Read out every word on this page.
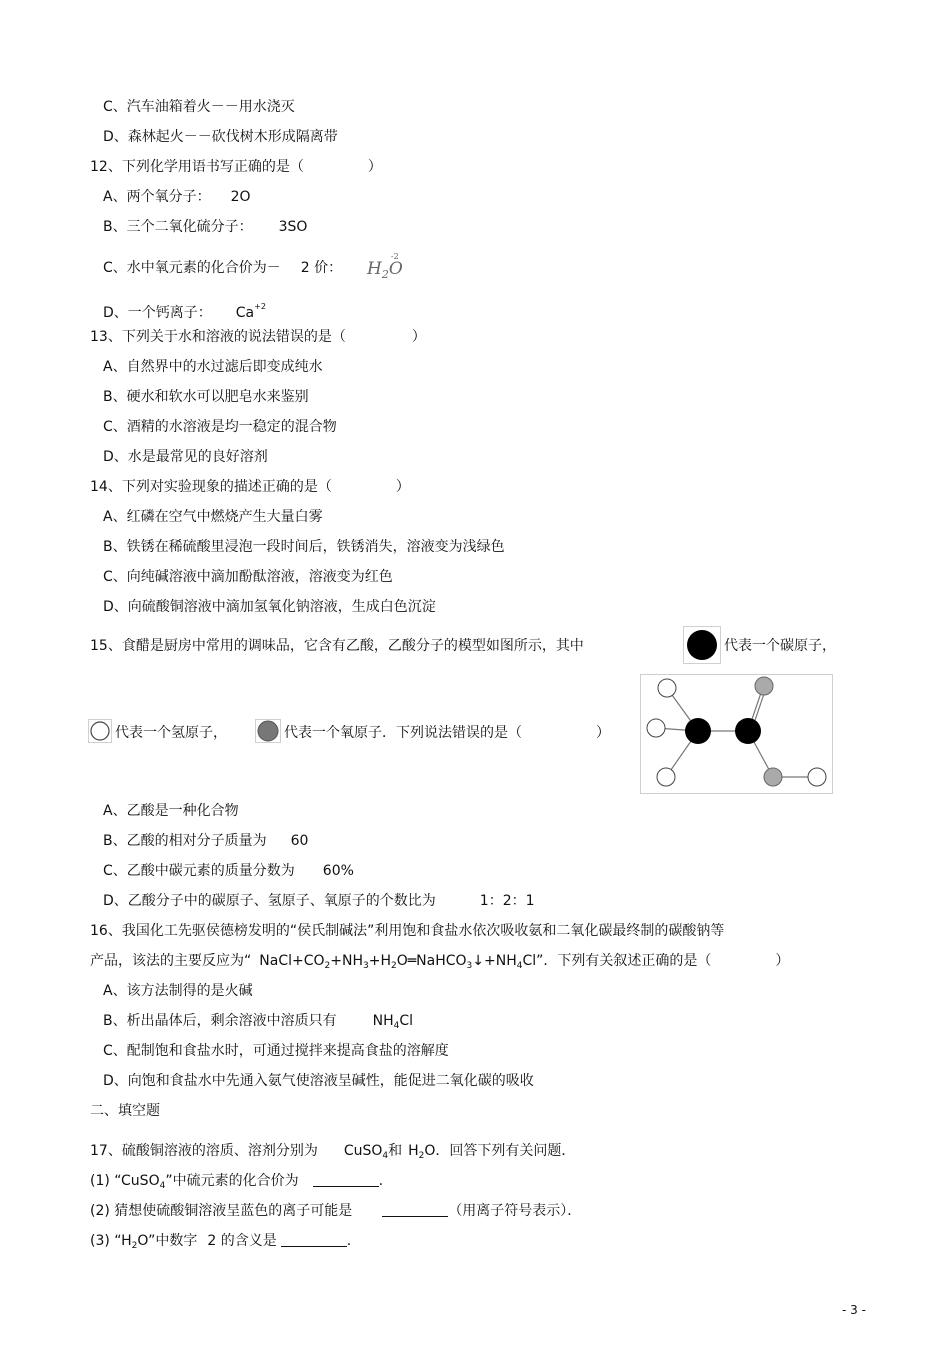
C、汽车油箱着火－－用水浇灭
D、森林起火－－砍伐树木形成隔离带
12、下列化学用语书写正确的是（	）
A、两个氧分子： 2O
B、三个二氧化硫分子： 3SO
C、水中氧元素的化合价为－ 2 价： $H_2$
-2
O
D、一个钙离子： $Ca^{+2}$
13、下列关于水和溶液的说法错误的是（	）
A、自然界中的水过滤后即变成纯水
B、硬水和软水可以肥皂水来鉴别
C、酒精的水溶液是均一稳定的混合物
D、水是最常见的良好溶剂
14、下列对实验现象的描述正确的是（	）
A、红磷在空气中燃烧产生大量白雾
B、铁锈在稀硫酸里浸泡一段时间后，铁锈消失，溶液变为浅绿色
C、向纯碱溶液中滴加酚酞溶液，溶液变为红色
D、向硫酸铜溶液中滴加氢氧化钠溶液，生成白色沉淀
15、食醋是厨房中常用的调味品，它含有乙酸，乙酸分子的模型如图所示，其中	代表一个碳原子，
代表一个氢原子，	代表一个氧原子．下列说法错误的是（	）
A、乙酸是一种化合物
B、乙酸的相对分子质量为 60
C、乙酸中碳元素的质量分数为 60%
D、乙酸分子中的碳原子、氢原子、氧原子的个数比为	1：2：1
16、我国化工先驱侯德榜发明的“侯氏制碱法”利用饱和食盐水依次吸收氨和二氧化碳最终制的碳酸钠等
产品，该法的主要反应为“ $NaCl+CO_2+NH_3+H_2O═NaHCO_3↓+NH_4Cl$”．下列有关叙述正确的是（	）
A、该方法制得的是火碱
B、析出晶体后，剩余溶液中溶质只有	$NH_4Cl$
C、配制饱和食盐水时，可通过搅拌来提高食盐的溶解度
D、向饱和食盐水中先通入氨气使溶液呈碱性，能促进二氧化碳的吸收
二、填空题
17、硫酸铜溶液的溶质、溶剂分别为 CuSO$_4$和 $H_2O$．回答下列有关问题．
(1) “CuSO$_4$”中硫元素的化合价为	.
(2) 猜想使硫酸铜溶液呈蓝色的离子可能是	（用离子符号表示）．
(3) “$H_2O$”中数字 2 的含义是	.
- 3 -
